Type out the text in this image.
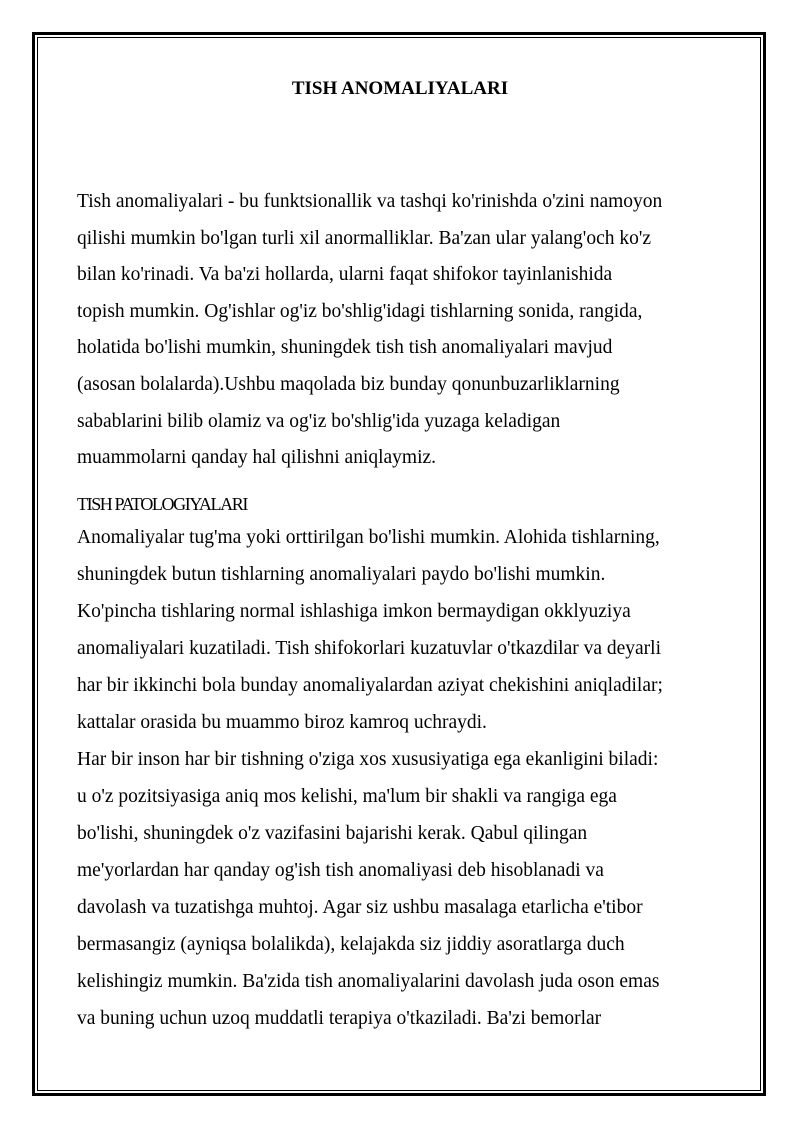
TISH ANOMALIYALARI

Tish anomaliyalari - bu funktsionallik va tashqi ko'rinishda o'zini namoyon
qilishi mumkin bo'lgan turli xil anormalliklar. Ba'zan ular yalang'och ko'z
bilan ko'rinadi. Va ba'zi hollarda, ularni faqat shifokor tayinlanishida
topish mumkin. Og'ishlar og'iz bo'shlig'idagi tishlarning sonida, rangida,
holatida bo'lishi mumkin, shuningdek tish tish anomaliyalari mavjud
(asosan bolalarda).Ushbu maqolada biz bunday qonunbuzarliklarning
sabablarini bilib olamiz va og'iz bo'shlig'ida yuzaga keladigan
muammolarni qanday hal qilishni aniqlaymiz.

TISH PATOLOGIYALARI

Anomaliyalar tug'ma yoki orttirilgan bo'lishi mumkin. Alohida tishlarning,
shuningdek butun tishlarning anomaliyalari paydo bo'lishi mumkin.
Ko'pincha tishlaring normal ishlashiga imkon bermaydigan okklyuziya
anomaliyalari kuzatiladi. Tish shifokorlari kuzatuvlar o'tkazdilar va deyarli
har bir ikkinchi bola bunday anomaliyalardan aziyat chekishini aniqladilar;
kattalar orasida bu muammo biroz kamroq uchraydi.

Har bir inson har bir tishning o'ziga xos xususiyatiga ega ekanligini biladi:
u o'z pozitsiyasiga aniq mos kelishi, ma'lum bir shakli va rangiga ega
bo'lishi, shuningdek o'z vazifasini bajarishi kerak. Qabul qilingan
me'yorlardan har qanday og'ish tish anomaliyasi deb hisoblanadi va
davolash va tuzatishga muhtoj. Agar siz ushbu masalaga etarlicha e'tibor
bermasangiz (ayniqsa bolalikda), kelajakda siz jiddiy asoratlarga duch
kelishingiz mumkin. Ba'zida tish anomaliyalarini davolash juda oson emas
va buning uchun uzoq muddatli terapiya o'tkaziladi. Ba'zi bemorlar
